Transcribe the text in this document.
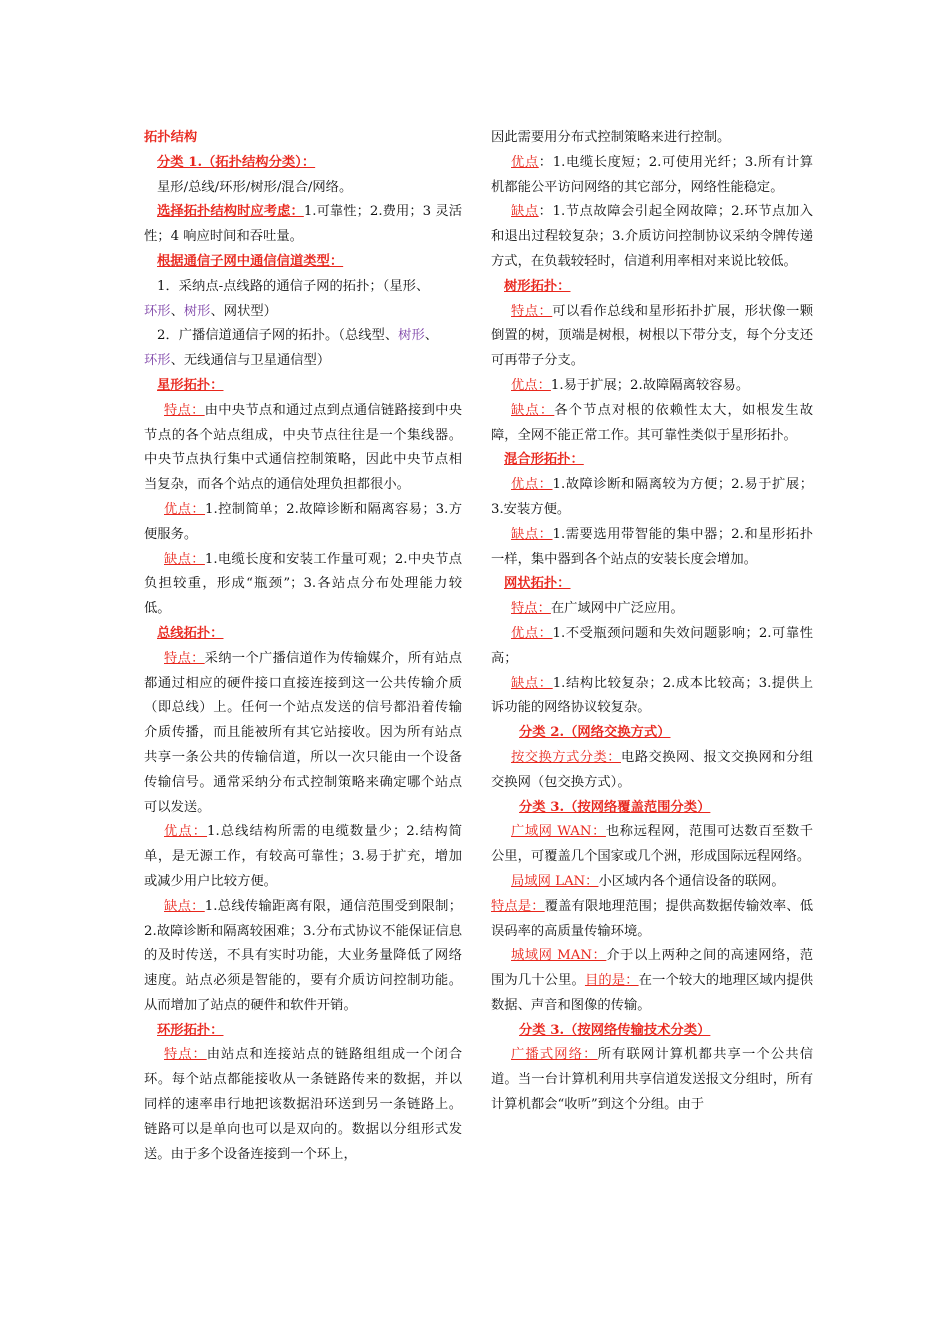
拓扑结构

分类 1.（拓扑结构分类）：

星形/总线/环形/树形/混合/网络。

选择拓扑结构时应考虑：1.可靠性；2.费用；3 灵活性；4 响应时间和吞吐量。

根据通信子网中通信信道类型：

1．采纳点-点线路的通信子网的拓扑；（星形、
环形、树形、网状型）

2．广播信道通信子网的拓扑。（总线型、树形、
环形、无线通信与卫星通信型）

星形拓扑：

特点：由中央节点和通过点到点通信链路接到中央节点的各个站点组成，中央节点往往是一个集线器。中央节点执行集中式通信控制策略，因此中央节点相当复杂，而各个站点的通信处理负担都很小。

优点：1.控制简单；2.故障诊断和隔离容易；3.方便服务。

缺点：1.电缆长度和安装工作量可观；2.中央节点负担较重，形成“瓶颈”；3.各站点分布处理能力较低。

总线拓扑：

特点：采纳一个广播信道作为传输媒介，所有站点都通过相应的硬件接口直接连接到这一公共传输介质（即总线）上。任何一个站点发送的信号都沿着传输介质传播，而且能被所有其它站接收。因为所有站点共享一条公共的传输信道，所以一次只能由一个设备传输信号。通常采纳分布式控制策略来确定哪个站点可以发送。

优点：1.总线结构所需的电缆数量少；2.结构简单，是无源工作，有较高可靠性；3.易于扩充，增加或减少用户比较方便。

缺点：1.总线传输距离有限，通信范围受到限制；2.故障诊断和隔离较困难；3.分布式协议不能保证信息的及时传送，不具有实时功能，大业务量降低了网络速度。站点必须是智能的，要有介质访问控制功能。从而增加了站点的硬件和软件开销。

环形拓扑：

特点：由站点和连接站点的链路组组成一个闭合环。每个站点都能接收从一条链路传来的数据，并以同样的速率串行地把该数据沿环送到另一条链路上。链路可以是单向也可以是双向的。数据以分组形式发送。由于多个设备连接到一个环上，

因此需要用分布式控制策略来进行控制。

优点：1.电缆长度短；2.可使用光纤；3.所有计算机都能公平访问网络的其它部分，网络性能稳定。

缺点：1.节点故障会引起全网故障；2.环节点加入和退出过程较复杂；3.介质访问控制协议采纳令牌传递方式，在负载较轻时，信道利用率相对来说比较低。

树形拓扑：

特点：可以看作总线和星形拓扑扩展，形状像一颗倒置的树，顶端是树根，树根以下带分支，每个分支还可再带子分支。

优点：1.易于扩展；2.故障隔离较容易。

缺点：各个节点对根的依赖性太大，如根发生故障，全网不能正常工作。其可靠性类似于星形拓扑。

混合形拓扑：

优点：1.故障诊断和隔离较为方便；2.易于扩展；3.安装方便。

缺点：1.需要选用带智能的集中器；2.和星形拓扑一样，集中器到各个站点的安装长度会增加。

网状拓扑：

特点：在广域网中广泛应用。

优点：1.不受瓶颈问题和失效问题影响；2.可靠性高；

缺点：1.结构比较复杂；2.成本比较高；3.提供上诉功能的网络协议较复杂。

分类 2.（网络交换方式）

按交换方式分类：电路交换网、报文交换网和分组交换网（包交换方式）。

分类 3.（按网络覆盖范围分类）

广域网 WAN：也称远程网，范围可达数百至数千公里，可覆盖几个国家或几个洲，形成国际远程网络。

局域网 LAN：小区域内各个通信设备的联网。

特点是：覆盖有限地理范围；提供高数据传输效率、低误码率的高质量传输环境。

城域网 MAN：介于以上两种之间的高速网络，范围为几十公里。目的是：在一个较大的地理区域内提供数据、声音和图像的传输。

分类 3.（按网络传输技术分类）

广播式网络：所有联网计算机都共享一个公共信道。当一台计算机利用共享信道发送报文分组时，所有计算机都会“收听”到这个分组。由于
